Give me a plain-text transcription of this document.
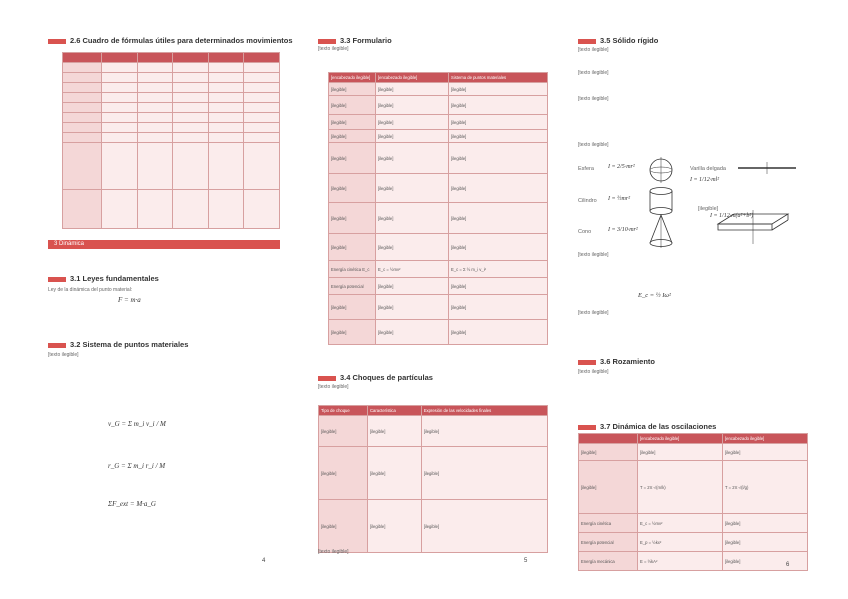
2.6 Cuadro de fórmulas útiles para determinados movimientos

3 Dinámica
3.1 Leyes fundamentales
Ley de la dinámica del punto material:
F = m·a
3.2 Sistema de puntos materiales
[texto ilegible]
v_G = Σ m_i v_i / M
r_G = Σ m_i r_i / M
ΣF_ext = M·a_G
4
3.3 Formulario
[texto ilegible]
[encabezado ilegible]	[encabezado ilegible]	Sistema de puntos materiales
[ilegible]	[ilegible]	[ilegible]
[ilegible]	[ilegible]	[ilegible]
[ilegible]	[ilegible]	[ilegible]
[ilegible]	[ilegible]	[ilegible]
[ilegible]	[ilegible]	[ilegible]
[ilegible]	[ilegible]	[ilegible]
[ilegible]	[ilegible]	[ilegible]
[ilegible]	[ilegible]	[ilegible]
Energía cinética E_c	E_c = ½mv²	E_c = Σ ½ m_i v_i²
Energía potencial	[ilegible]	[ilegible]
[ilegible]	[ilegible]	[ilegible]
[ilegible]	[ilegible]	[ilegible]
3.4 Choques de partículas
[texto ilegible]
Tipo de choque	Característica	Expresión de las velocidades finales
[ilegible]	[ilegible]	[ilegible]
[ilegible]	[ilegible]	[ilegible]
[ilegible]	[ilegible]	[ilegible]
[texto ilegible]
5
3.5 Sólido rígido
[texto ilegible]
[texto ilegible]
[texto ilegible]
[texto ilegible]
Esfera I = 2/5·mr²	Varilla delgada
I = 1/12·ml²
Cilindro I = ½mr²
[ilegible]
I = 1/12·m(a²+b²)
Cono	I = 3/10·mr²
[texto ilegible]
E_c = ½ Iω²
[texto ilegible]
3.6 Rozamiento
[texto ilegible]
3.7 Dinámica de las oscilaciones
	[encabezado ilegible]	[encabezado ilegible]
[ilegible]	[ilegible]	[ilegible]
[ilegible]	T = 2π·√(m/k)	T = 2π·√(l/g)
Energía cinética	E_c = ½mv²	[ilegible]
Energía potencial	E_p = ½kx²	[ilegible]
Energía mecánica	E = ½kA²	[ilegible]
6
